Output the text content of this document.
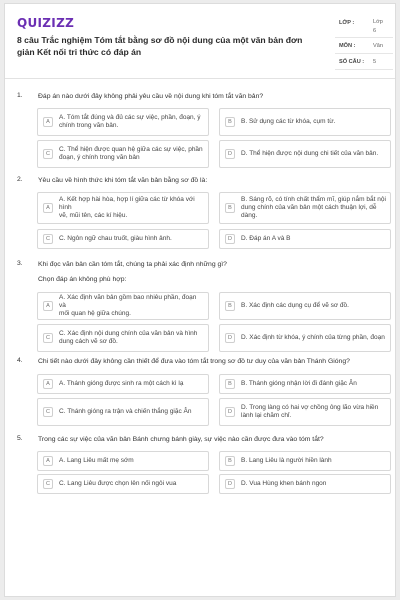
QUIZIZZ
8 câu Trắc nghiệm Tóm tắt bằng sơ đồ nội dung của một văn bản đơn giản Kết nối tri thức có đáp án
LỚP :	Lớp
6
MÔN :	Văn
SỐ CÂU : 5
1. Đáp án nào dưới đây không phải yêu cầu về nội dung khi tóm tắt văn bản?
A
A. Tóm tắt đúng và đủ các sự việc, phần, đoạn, ý
chính trong văn bản.	B	B. Sử dụng các từ khóa, cụm từ.
C
C. Thể hiện được quan hệ giữa các sự việc, phần
đoạn, ý chính trong văn bản	D	D. Thể hiện được nội dung chi tiết của văn bản.
2. Yêu cầu về hình thức khi tóm tắt văn bản bằng sơ đồ là:
A
A. Kết hợp hài hòa, hợp lí giữa các từ khóa với hình
vẽ, mũi tên, các kí hiệu.
B
B. Sáng rõ, có tính chất thẩm mĩ, giúp nắm bắt nội
dung chính của văn bản một cách thuận lợi, dễ
dàng.
C	C. Ngôn ngữ chau truốt, giàu hình ảnh.	D	D. Đáp án A và B
3. Khi đọc văn bản cần tóm tắt, chúng ta phải xác định những gì?
Chọn đáp án không phù hợp:
A
A. Xác định văn bản gồm bao nhiêu phần, đoạn và
mối quan hệ giữa chúng.
B	B. Xác định các dụng cụ để vẽ sơ đồ.
C
C. Xác định nội dung chính của văn bản và hình
dung cách vẽ sơ đồ.	D	D. Xác định từ khóa, ý chính của từng phần, đoạn
4. Chi tiết nào dưới đây không cần thiết để đưa vào tóm tắt trong sơ đồ tư duy của văn bản Thánh Gióng?
A	A. Thánh gióng được sinh ra một cách kì lạ	B	B. Thánh gióng nhận lời đi đánh giặc Ân
C	C. Thánh gióng ra trận và chiến thắng giặc Ân	D
D. Trong làng có hai vợ chồng ông lão vừa hiền
lành lại chăm chỉ.
5. Trong các sự việc của văn bản Bánh chưng bánh giày, sự việc nào cần được đưa vào tóm tắt?
A	A. Lang Liêu mất mẹ sớm	B	B. Lang Liêu là người hiền lành
C	C. Lang Liêu được chọn lên nối ngôi vua	D	D. Vua Hùng khen bánh ngon
